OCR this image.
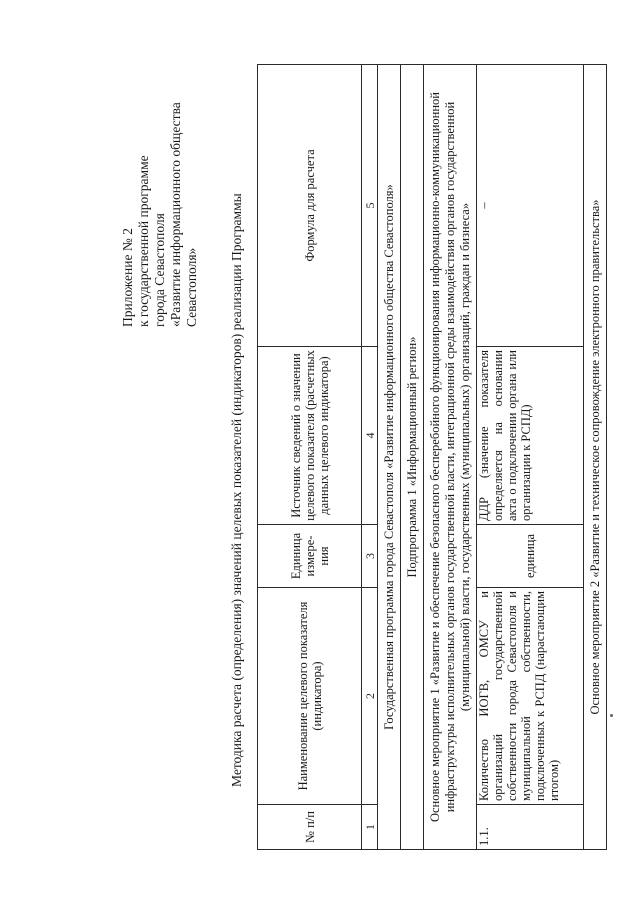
Приложение № 2 к государственной программе города Севастополя «Развитие информационного общества Севастополя» Методика расчета (определения) значений целевых показателей (индикаторов) реализации Программы
№ п/п	Наименование целевого показателя (индикатора)	Единица измере-ния	Источник сведений о значении целевого показателя (расчетных данных целевого индикатора)	Формула для расчета
1	2	3	4	5
Государственная программа города Севастополя «Развитие информационного общества Севастополя»				
Подпрограмма 1 «Информационный регион»				
Основное мероприятие 1 «Развитие и обеспечение безопасного бесперебойного функционирования информационно-коммуникационной инфраструктуры исполнительных органов государственной власти, интеграционной среды взаимодействия органов государственной (муниципальной) власти, государственных (муниципальных) организаций, граждан и бизнеса»				
1.1.	Количество ИОГВ, ОМСУ и организаций государственной собственности города Севастополя и муниципальной собственности, подключенных к РСПД (нарастающим итогом)	единица	ДДР (значение показателя определяется на основании акта о подключении органа или организации к РСПД)	–
Основное мероприятие 2 «Развитие и техническое сопровождение электронного правительства»				
